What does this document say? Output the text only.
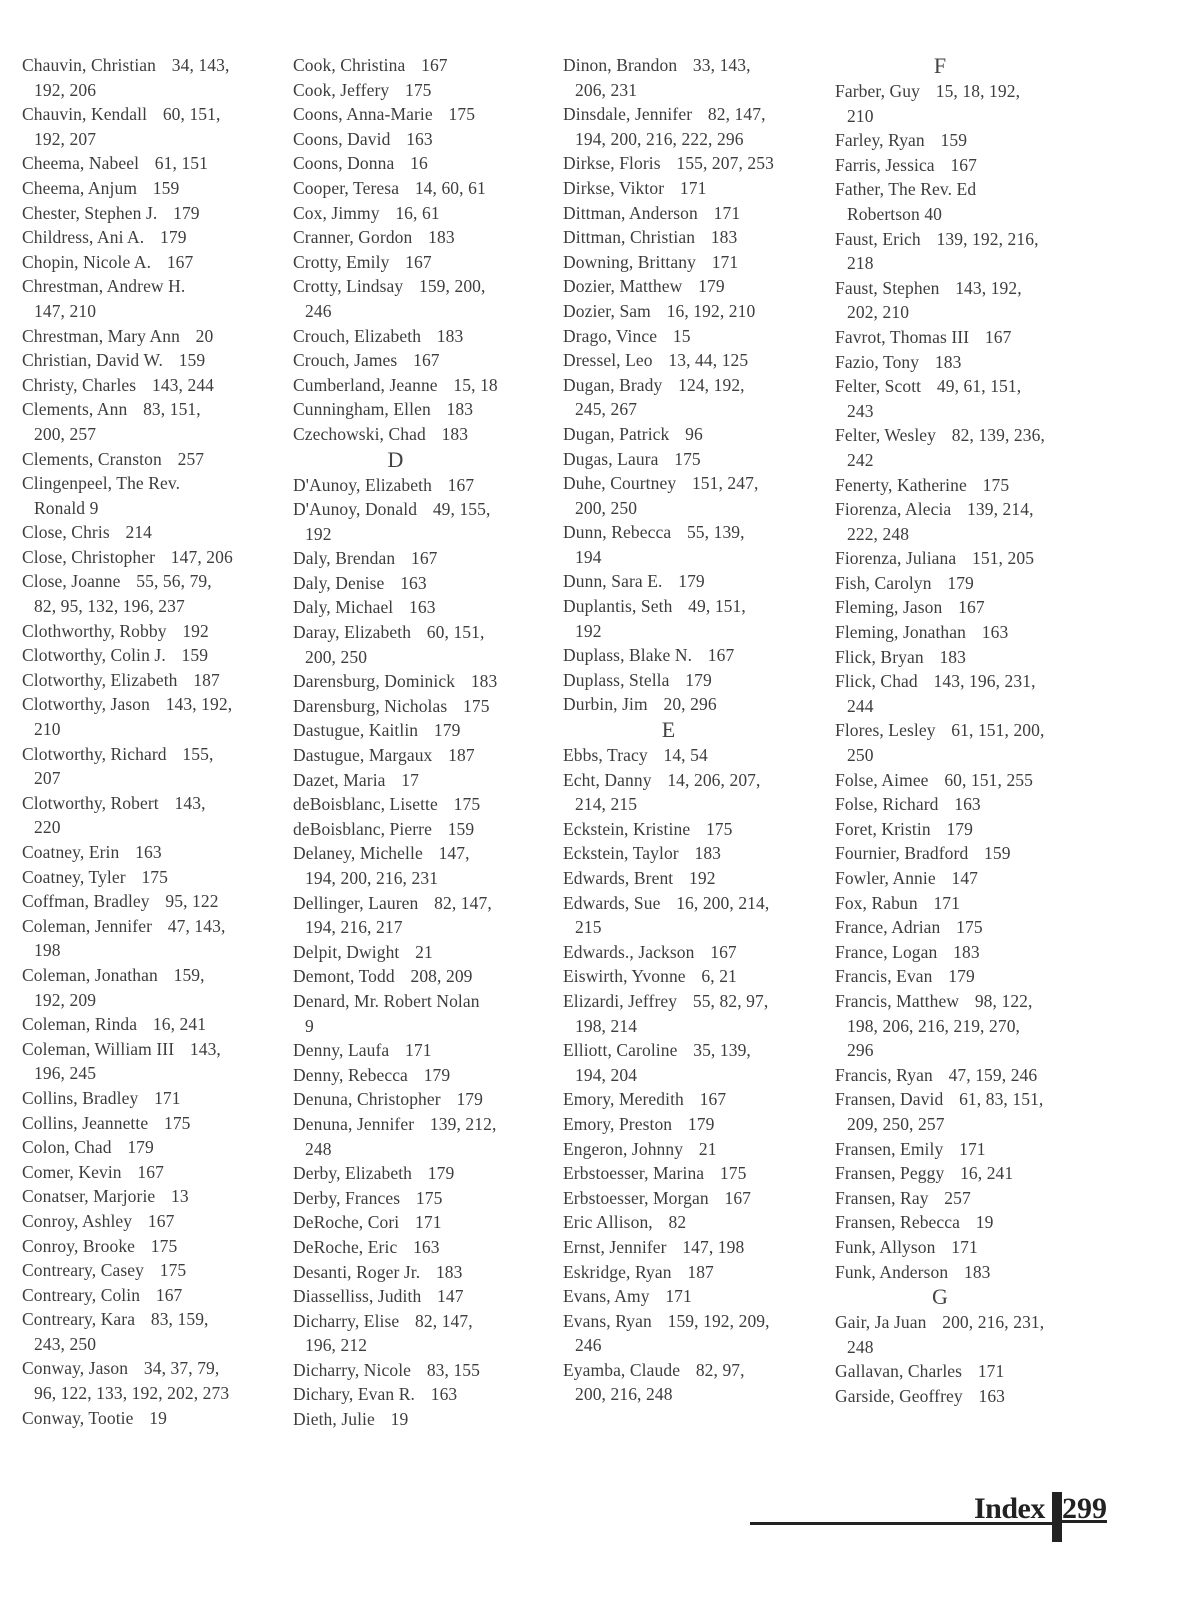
Chauvin, Christian 34, 143,
192, 206
Chauvin, Kendall 60, 151,
192, 207
Cheema, Nabeel 61, 151
Cheema, Anjum 159
Chester, Stephen J. 179
Childress, Ani A. 179
Chopin, Nicole A. 167
Chrestman, Andrew H.
147, 210
Chrestman, Mary Ann 20
Christian, David W. 159
Christy, Charles 143, 244
Clements, Ann 83, 151,
200, 257
Clements, Cranston 257
Clingenpeel, The Rev.
Ronald 9
Close, Chris 214
Close, Christopher 147, 206
Close, Joanne 55, 56, 79,
82, 95, 132, 196, 237
Clothworthy, Robby 192
Clotworthy, Colin J. 159
Clotworthy, Elizabeth 187
Clotworthy, Jason 143, 192,
210
Clotworthy, Richard 155,
207
Clotworthy, Robert 143,
220
Coatney, Erin 163
Coatney, Tyler 175
Coffman, Bradley 95, 122
Coleman, Jennifer 47, 143,
198
Coleman, Jonathan 159,
192, 209
Coleman, Rinda 16, 241
Coleman, William III 143,
196, 245
Collins, Bradley 171
Collins, Jeannette 175
Colon, Chad 179
Comer, Kevin 167
Conatser, Marjorie 13
Conroy, Ashley 167
Conroy, Brooke 175
Contreary, Casey 175
Contreary, Colin 167
Contreary, Kara 83, 159,
243, 250
Conway, Jason 34, 37, 79,
96, 122, 133, 192, 202, 273
Conway, Tootie 19
Cook, Christina 167
Cook, Jeffery 175
Coons, Anna-Marie 175
Coons, David 163
Coons, Donna 16
Cooper, Teresa 14, 60, 61
Cox, Jimmy 16, 61
Cranner, Gordon 183
Crotty, Emily 167
Crotty, Lindsay 159, 200,
246
Crouch, Elizabeth 183
Crouch, James 167
Cumberland, Jeanne 15, 18
Cunningham, Ellen 183
Czechowski, Chad 183
D
D'Aunoy, Elizabeth 167
D'Aunoy, Donald 49, 155,
192
Daly, Brendan 167
Daly, Denise 163
Daly, Michael 163
Daray, Elizabeth 60, 151,
200, 250
Darensburg, Dominick 183
Darensburg, Nicholas 175
Dastugue, Kaitlin 179
Dastugue, Margaux 187
Dazet, Maria 17
deBoisblanc, Lisette 175
deBoisblanc, Pierre 159
Delaney, Michelle 147,
194, 200, 216, 231
Dellinger, Lauren 82, 147,
194, 216, 217
Delpit, Dwight 21
Demont, Todd 208, 209
Denard, Mr. Robert Nolan
9
Denny, Laufa 171
Denny, Rebecca 179
Denuna, Christopher 179
Denuna, Jennifer 139, 212,
248
Derby, Elizabeth 179
Derby, Frances 175
DeRoche, Cori 171
DeRoche, Eric 163
Desanti, Roger Jr. 183
Diasselliss, Judith 147
Dicharry, Elise 82, 147,
196, 212
Dicharry, Nicole 83, 155
Dichary, Evan R. 163
Dieth, Julie 19
Dinon, Brandon 33, 143,
206, 231
Dinsdale, Jennifer 82, 147,
194, 200, 216, 222, 296
Dirkse, Floris 155, 207, 253
Dirkse, Viktor 171
Dittman, Anderson 171
Dittman, Christian 183
Downing, Brittany 171
Dozier, Matthew 179
Dozier, Sam 16, 192, 210
Drago, Vince 15
Dressel, Leo 13, 44, 125
Dugan, Brady 124, 192,
245, 267
Dugan, Patrick 96
Dugas, Laura 175
Duhe, Courtney 151, 247,
200, 250
Dunn, Rebecca 55, 139,
194
Dunn, Sara E. 179
Duplantis, Seth 49, 151,
192
Duplass, Blake N. 167
Duplass, Stella 179
Durbin, Jim 20, 296
E
Ebbs, Tracy 14, 54
Echt, Danny 14, 206, 207,
214, 215
Eckstein, Kristine 175
Eckstein, Taylor 183
Edwards, Brent 192
Edwards, Sue 16, 200, 214,
215
Edwards., Jackson 167
Eiswirth, Yvonne 6, 21
Elizardi, Jeffrey 55, 82, 97,
198, 214
Elliott, Caroline 35, 139,
194, 204
Emory, Meredith 167
Emory, Preston 179
Engeron, Johnny 21
Erbstoesser, Marina 175
Erbstoesser, Morgan 167
Eric Allison, 82
Ernst, Jennifer 147, 198
Eskridge, Ryan 187
Evans, Amy 171
Evans, Ryan 159, 192, 209,
246
Eyamba, Claude 82, 97,
200, 216, 248
F
Farber, Guy 15, 18, 192,
210
Farley, Ryan 159
Farris, Jessica 167
Father, The Rev. Ed
Robertson 40
Faust, Erich 139, 192, 216,
218
Faust, Stephen 143, 192,
202, 210
Favrot, Thomas III 167
Fazio, Tony 183
Felter, Scott 49, 61, 151,
243
Felter, Wesley 82, 139, 236,
242
Fenerty, Katherine 175
Fiorenza, Alecia 139, 214,
222, 248
Fiorenza, Juliana 151, 205
Fish, Carolyn 179
Fleming, Jason 167
Fleming, Jonathan 163
Flick, Bryan 183
Flick, Chad 143, 196, 231,
244
Flores, Lesley 61, 151, 200,
250
Folse, Aimee 60, 151, 255
Folse, Richard 163
Foret, Kristin 179
Fournier, Bradford 159
Fowler, Annie 147
Fox, Rabun 171
France, Adrian 175
France, Logan 183
Francis, Evan 179
Francis, Matthew 98, 122,
198, 206, 216, 219, 270,
296
Francis, Ryan 47, 159, 246
Fransen, David 61, 83, 151,
209, 250, 257
Fransen, Emily 171
Fransen, Peggy 16, 241
Fransen, Ray 257
Fransen, Rebecca 19
Funk, Allyson 171
Funk, Anderson 183
G
Gair, Ja Juan 200, 216, 231,
248
Gallavan, Charles 171
Garside, Geoffrey 163
Index 299
